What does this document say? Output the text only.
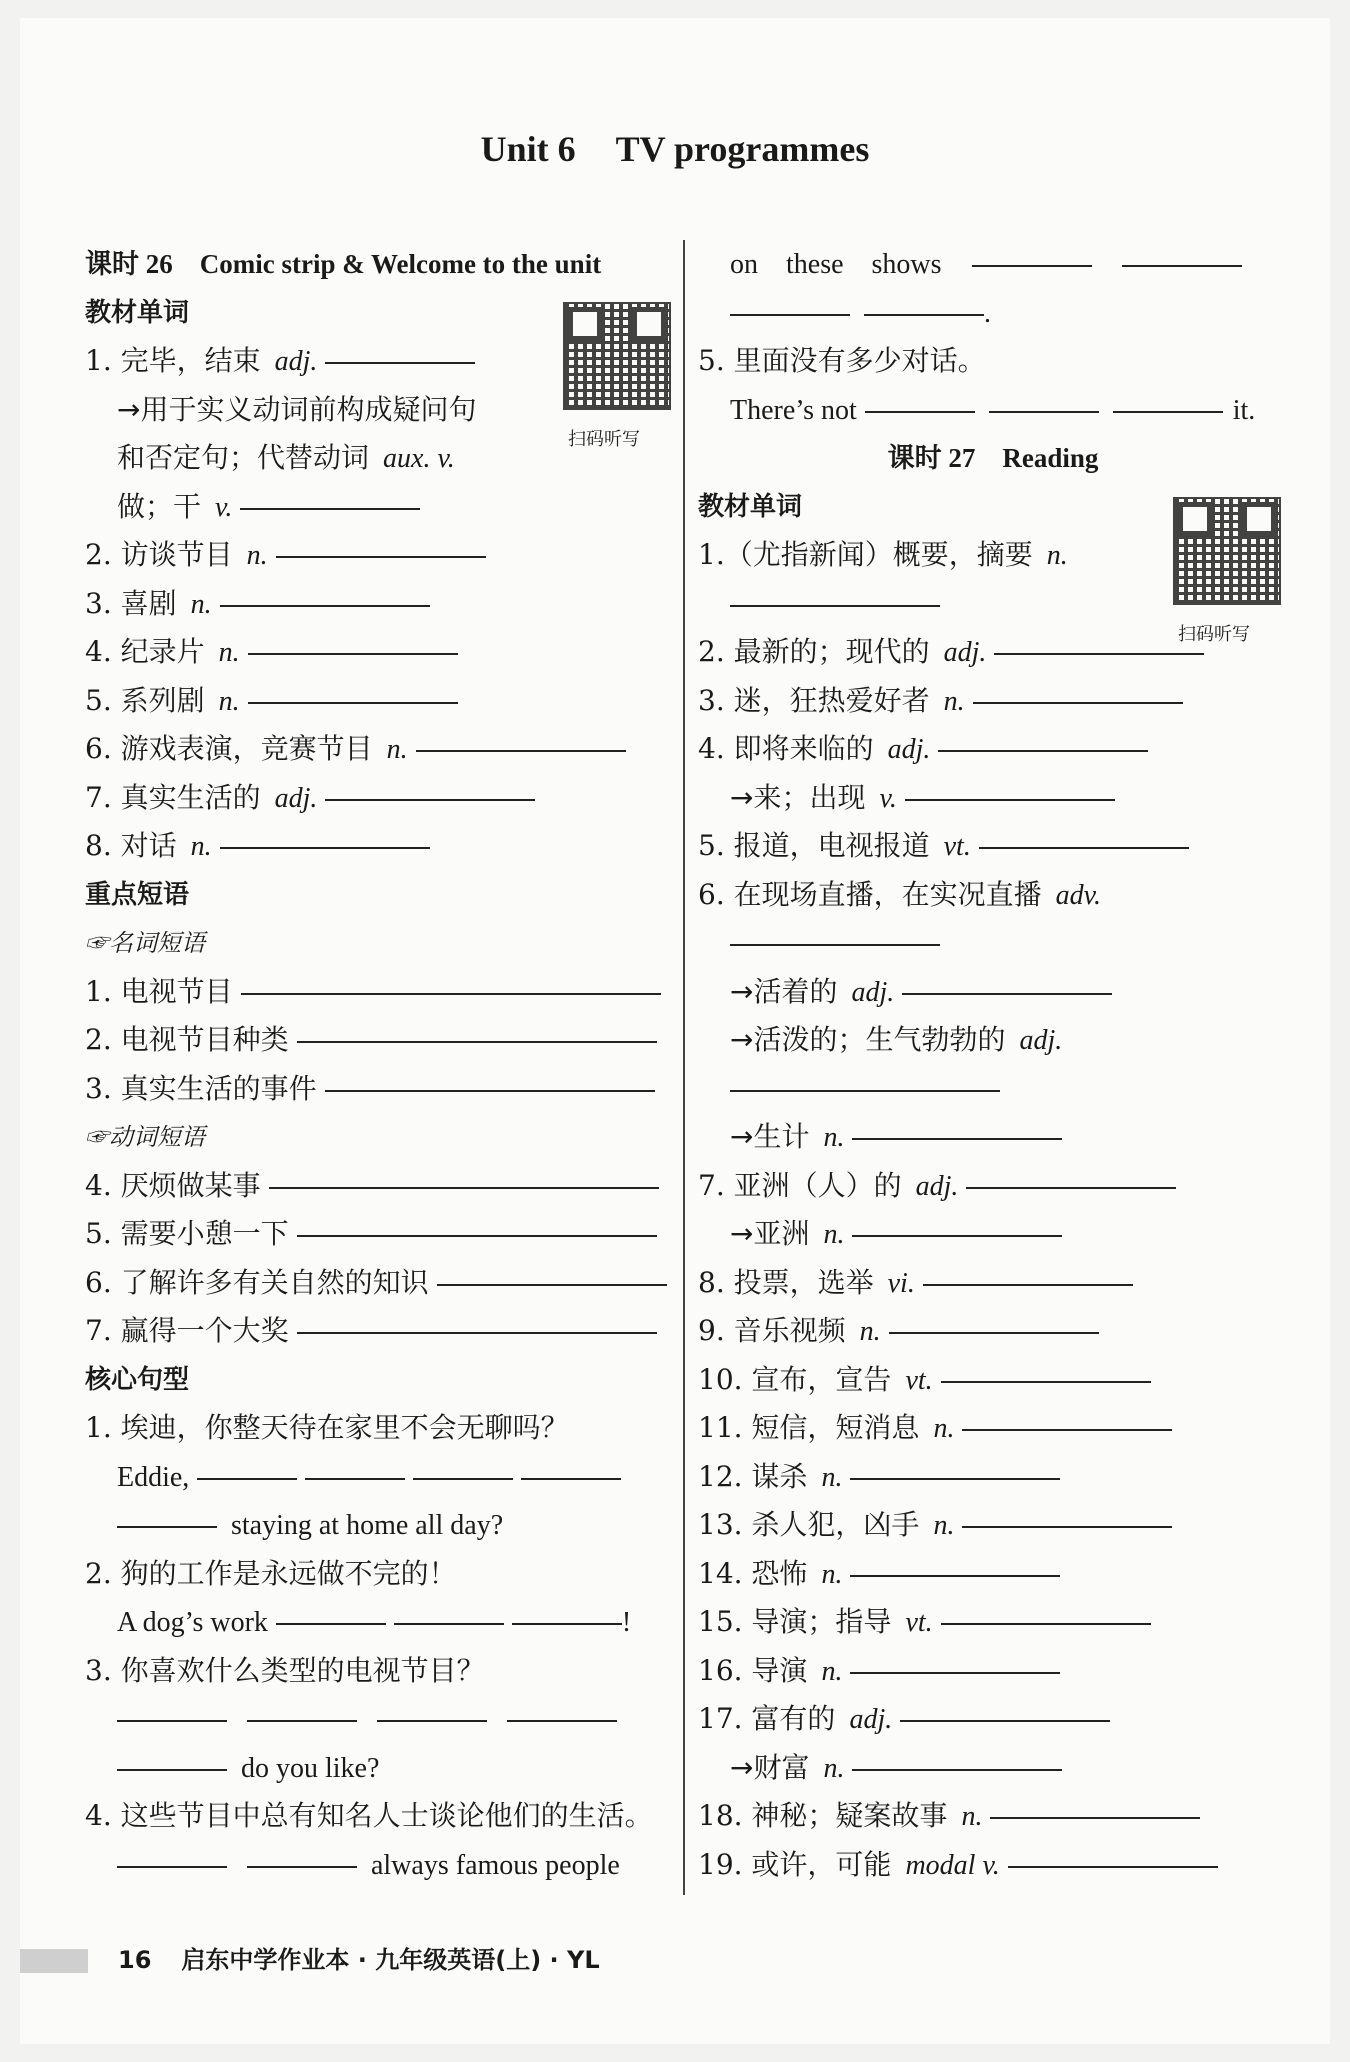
Unit 6 TV programmes
课时 26　Comic strip & Welcome to the unit
教材单词
1. 完毕，结束 adj.
→用于实义动词前构成疑问句
和否定句；代替动词 aux. v.
做；干 v.
2. 访谈节目 n.
3. 喜剧 n.
4. 纪录片 n.
5. 系列剧 n.
6. 游戏表演，竞赛节目 n.
7. 真实生活的 adj.
8. 对话 n.
重点短语
☞名词短语
1. 电视节目
2. 电视节目种类
3. 真实生活的事件
☞动词短语
4. 厌烦做某事
5. 需要小憩一下
6. 了解许多有关自然的知识
7. 赢得一个大奖
核心句型
1. 埃迪，你整天待在家里不会无聊吗？
Eddie,
staying at home all day?
2. 狗的工作是永远做不完的！
A dog’s work	!
3. 你喜欢什么类型的电视节目？
do you like?
4. 这些节目中总有知名人士谈论他们的生活。
always famous people
扫码听写
on　these　shows
.
5. 里面没有多少对话。
There’s not	it.
课时 27　Reading
教材单词
1.（尤指新闻）概要，摘要 n.
2. 最新的；现代的 adj.
3. 迷，狂热爱好者 n.
4. 即将来临的 adj.
→来；出现 v.
5. 报道，电视报道 vt.
6. 在现场直播，在实况直播 adv.
→活着的 adj.
→活泼的；生气勃勃的 adj.
→生计 n.
7. 亚洲（人）的 adj.
→亚洲 n.
8. 投票，选举 vi.
9. 音乐视频 n.
10. 宣布，宣告 vt.
11. 短信，短消息 n.
12. 谋杀 n.
13. 杀人犯，凶手 n.
14. 恐怖 n.
15. 导演；指导 vt.
16. 导演 n.
17. 富有的 adj.
→财富 n.
18. 神秘；疑案故事 n.
19. 或许，可能 modal v.
扫码听写
16 启东中学作业本 · 九年级英语(上) · YL
